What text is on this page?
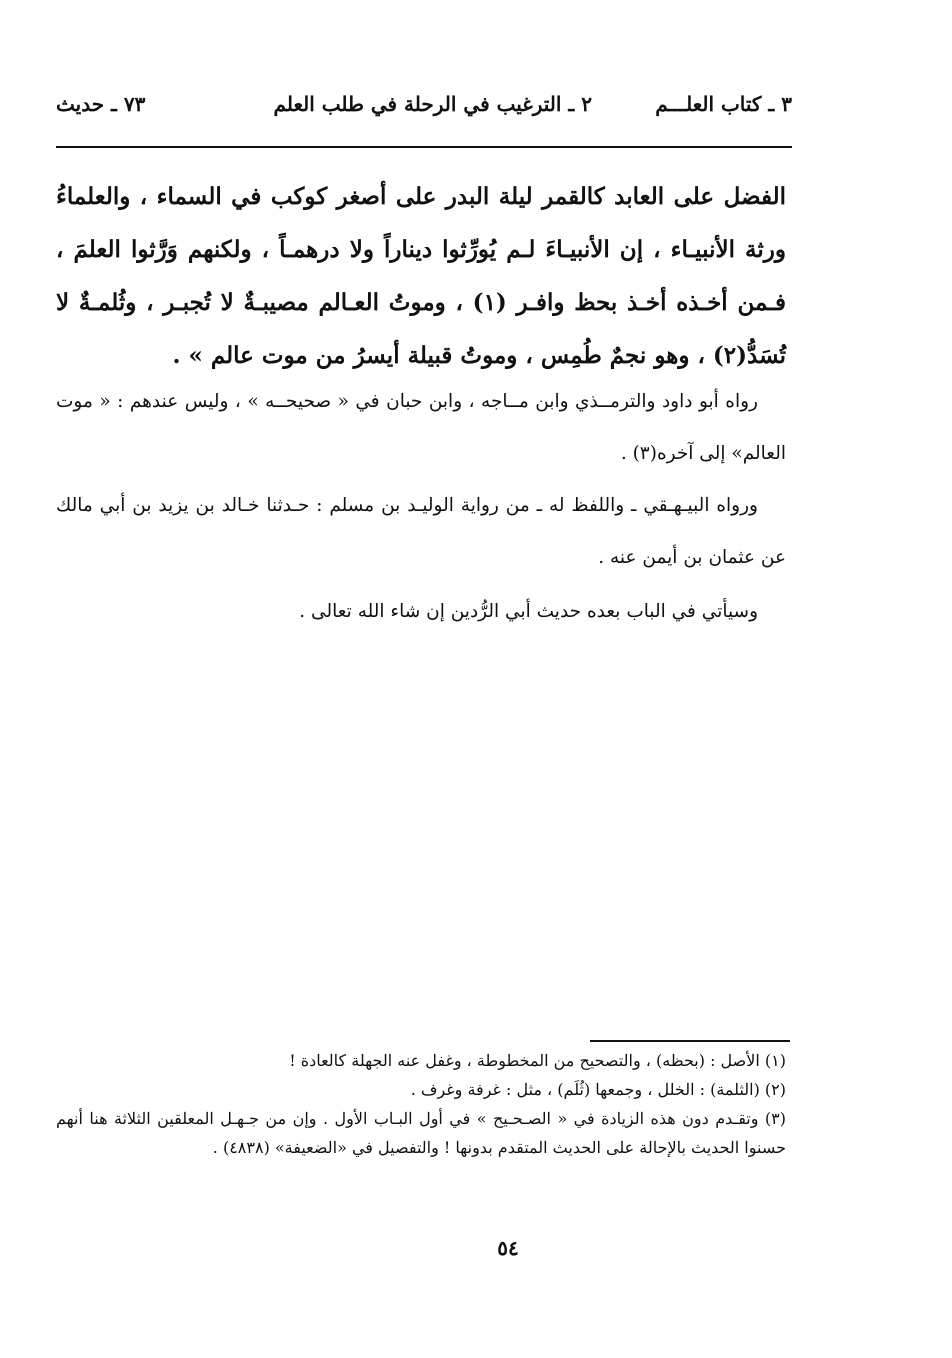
٣ ـ كتاب العلـــم
٢ ـ الترغيب في الرحلة في طلب العلم
٧٣ ـ حديث
الفضل على العابد كالقمر ليلة البدر على أصغر كوكب في السماء ، والعلماءُ ورثة الأنبيـاء ، إن الأنبيـاءَ لـم يُورِّثوا ديناراً ولا درهمـاً ، ولكنهم وَرَّثوا العلمَ ، فـمن أخـذه أخـذ بحظ وافـر (١) ، وموتُ العـالم مصيبـةٌ لا تُجبـر ، وثُلمـةٌ لا تُسَدُّ(٢) ، وهو نجمٌ طُمِس ، وموتُ قبيلة أيسرُ من موت عالم » .
رواه أبو داود والترمــذي وابن مــاجه ، وابن حبان في « صحيحــه » ، وليس عندهم : « موت العالم» إلى آخره(٣) .
ورواه البيـهـقي ـ واللفظ له ـ من رواية الوليـد بن مسلم : حـدثنا خـالد بن يزيد بن أبي مالك عن عثمان بن أيمن عنه .
وسيأتي في الباب بعده حديث أبي الرُّدين إن شاء الله تعالى .
(١) الأصل : (بحظه) ، والتصحيح من المخطوطة ، وغفل عنه الجهلة كالعادة !
(٢) (الثلمة) : الخلل ، وجمعها (ثُلَم) ، مثل : غرفة وغرف .
(٣) وتقـدم دون هذه الزيادة في « الصـحـيح » في أول البـاب الأول . وإن من جـهـل المعلقين الثلاثة هنا أنهم حسنوا الحديث بالإحالة على الحديث المتقدم بدونها ! والتفصيل في «الضعيفة» (٤٨٣٨) .
٥٤
